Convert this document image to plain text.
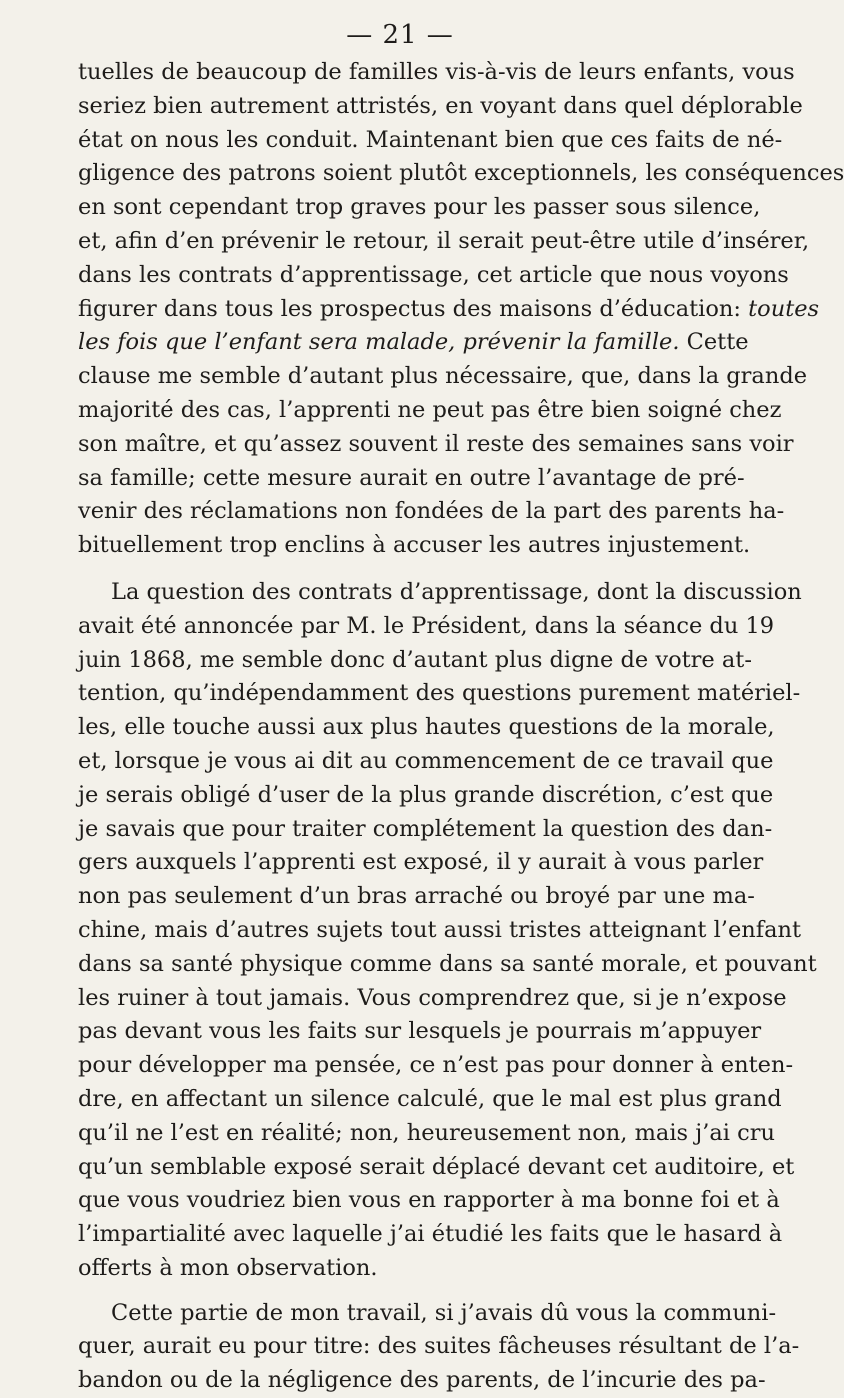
— 21 —
tuelles de beaucoup de familles vis-à-vis de leurs enfants, vous
seriez bien autrement attristés, en voyant dans quel déplorable
état on nous les conduit. Maintenant bien que ces faits de né-
gligence des patrons soient plutôt exceptionnels, les conséquences
en sont cependant trop graves pour les passer sous silence,
et, afin d’en prévenir le retour, il serait peut-être utile d’insérer,
dans les contrats d’apprentissage, cet article que nous voyons
figurer dans tous les prospectus des maisons d’éducation: toutes
les fois que l’enfant sera malade, prévenir la famille. Cette
clause me semble d’autant plus nécessaire, que, dans la grande
majorité des cas, l’apprenti ne peut pas être bien soigné chez
son maître, et qu’assez souvent il reste des semaines sans voir
sa famille; cette mesure aurait en outre l’avantage de pré-
venir des réclamations non fondées de la part des parents ha-
bituellement trop enclins à accuser les autres injustement.
La question des contrats d’apprentissage, dont la discussion
avait été annoncée par M. le Président, dans la séance du 19
juin 1868, me semble donc d’autant plus digne de votre at-
tention, qu’indépendamment des questions purement matériel-
les, elle touche aussi aux plus hautes questions de la morale,
et, lorsque je vous ai dit au commencement de ce travail que
je serais obligé d’user de la plus grande discrétion, c’est que
je savais que pour traiter complétement la question des dan-
gers auxquels l’apprenti est exposé, il y aurait à vous parler
non pas seulement d’un bras arraché ou broyé par une ma-
chine, mais d’autres sujets tout aussi tristes atteignant l’enfant
dans sa santé physique comme dans sa santé morale, et pouvant
les ruiner à tout jamais. Vous comprendrez que, si je n’expose
pas devant vous les faits sur lesquels je pourrais m’appuyer
pour développer ma pensée, ce n’est pas pour donner à enten-
dre, en affectant un silence calculé, que le mal est plus grand
qu’il ne l’est en réalité; non, heureusement non, mais j’ai cru
qu’un semblable exposé serait déplacé devant cet auditoire, et
que vous voudriez bien vous en rapporter à ma bonne foi et à
l’impartialité avec laquelle j’ai étudié les faits que le hasard à
offerts à mon observation.
Cette partie de mon travail, si j’avais dû vous la communi-
quer, aurait eu pour titre: des suites fâcheuses résultant de l’a-
bandon ou de la négligence des parents, de l’incurie des pa-
